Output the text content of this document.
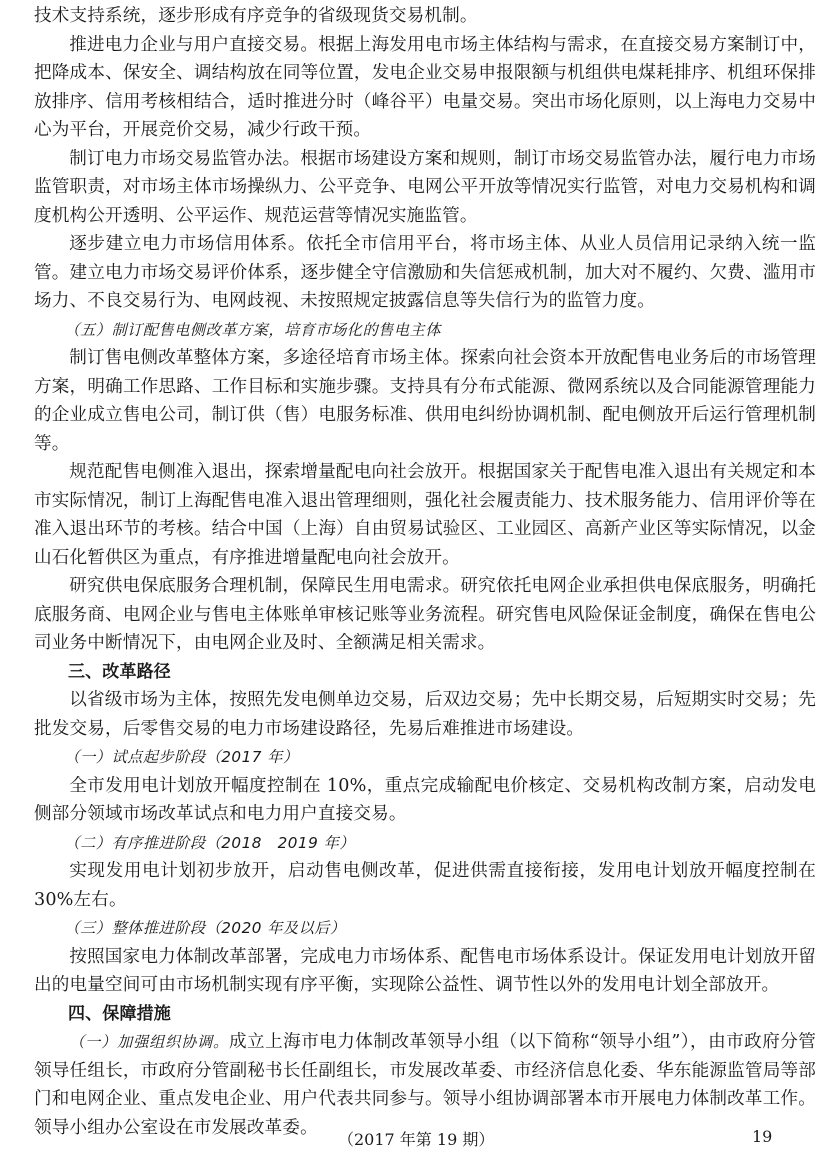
技术支持系统，逐步形成有序竞争的省级现货交易机制。

推进电力企业与用户直接交易。根据上海发用电市场主体结构与需求，在直接交易方案制订中，把降成本、保安全、调结构放在同等位置，发电企业交易申报限额与机组供电煤耗排序、机组环保排放排序、信用考核相结合，适时推进分时（峰谷平）电量交易。突出市场化原则，以上海电力交易中心为平台，开展竞价交易，减少行政干预。

制订电力市场交易监管办法。根据市场建设方案和规则，制订市场交易监管办法，履行电力市场监管职责，对市场主体市场操纵力、公平竞争、电网公平开放等情况实行监管，对电力交易机构和调度机构公开透明、公平运作、规范运营等情况实施监管。

逐步建立电力市场信用体系。依托全市信用平台，将市场主体、从业人员信用记录纳入统一监管。建立电力市场交易评价体系，逐步健全守信激励和失信惩戒机制，加大对不履约、欠费、滥用市场力、不良交易行为、电网歧视、未按照规定披露信息等失信行为的监管力度。

（五）制订配售电侧改革方案，培育市场化的售电主体

制订售电侧改革整体方案，多途径培育市场主体。探索向社会资本开放配售电业务后的市场管理方案，明确工作思路、工作目标和实施步骤。支持具有分布式能源、微网系统以及合同能源管理能力的企业成立售电公司，制订供（售）电服务标准、供用电纠纷协调机制、配电侧放开后运行管理机制等。

规范配售电侧准入退出，探索增量配电向社会放开。根据国家关于配售电准入退出有关规定和本市实际情况，制订上海配售电准入退出管理细则，强化社会履责能力、技术服务能力、信用评价等在准入退出环节的考核。结合中国（上海）自由贸易试验区、工业园区、高新产业区等实际情况，以金山石化暂供区为重点，有序推进增量配电向社会放开。

研究供电保底服务合理机制，保障民生用电需求。研究依托电网企业承担供电保底服务，明确托底服务商、电网企业与售电主体账单审核记账等业务流程。研究售电风险保证金制度，确保在售电公司业务中断情况下，由电网企业及时、全额满足相关需求。

三、改革路径

以省级市场为主体，按照先发电侧单边交易，后双边交易；先中长期交易，后短期实时交易；先批发交易，后零售交易的电力市场建设路径，先易后难推进市场建设。

（一）试点起步阶段（2017 年）

全市发用电计划放开幅度控制在 10%，重点完成输配电价核定、交易机构改制方案，启动发电侧部分领域市场改革试点和电力用户直接交易。

（二）有序推进阶段（2018　2019 年）

实现发用电计划初步放开，启动售电侧改革，促进供需直接衔接，发用电计划放开幅度控制在 30%左右。

（三）整体推进阶段（2020 年及以后）

按照国家电力体制改革部署，完成电力市场体系、配售电市场体系设计。保证发用电计划放开留出的电量空间可由市场机制实现有序平衡，实现除公益性、调节性以外的发用电计划全部放开。

四、保障措施

（一）加强组织协调。成立上海市电力体制改革领导小组（以下简称“领导小组”），由市政府分管领导任组长，市政府分管副秘书长任副组长，市发展改革委、市经济信息化委、华东能源监管局等部门和电网企业、重点发电企业、用户代表共同参与。领导小组协调部署本市开展电力体制改革工作。领导小组办公室设在市发展改革委。

（2017 年第 19 期）	19
